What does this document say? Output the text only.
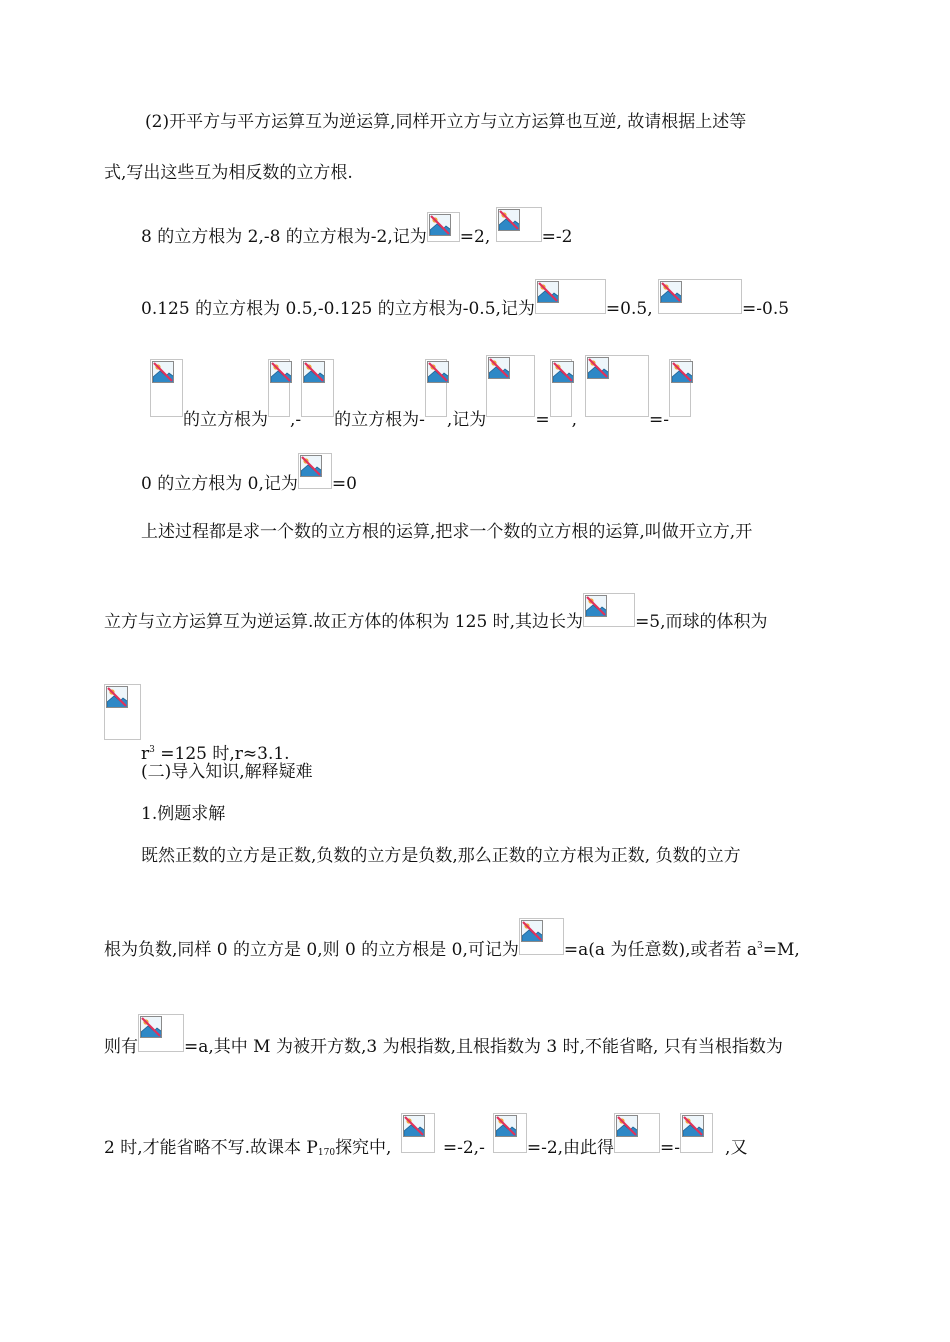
(2)开平方与平方运算互为逆运算,同样开立方与立方运算也互逆, 故请根据上述等
式,写出这些互为相反数的立方根.
8 的立方根为 2,-8 的立方根为-2,记为 =2,	=-2
0.125 的立方根为 0.5,-0.125 的立方根为-0.5,记为	=0.5,	=-0.5
的立方根为 ,- 的立方根为- ,记为	= ,	=-
0 的立方根为 0,记为 =0
上述过程都是求一个数的立方根的运算,把求一个数的立方根的运算,叫做开立方,开
立方与立方运算互为逆运算.故正方体的体积为 125 时,其边长为	=5,而球的体积为
$r^3 =125$ 时,r≈3.1.
(二)导入知识,解释疑难
1.例题求解
既然正数的立方是正数,负数的立方是负数,那么正数的立方根为正数, 负数的立方
根为负数,同样 0 的立方是 0,则 0 的立方根是 0,可记为	=a(a 为任意数),或者若 $a^3=M$,
则有	=a,其中 M 为被开方数,3 为根指数,且根指数为 3 时,不能省略, 只有当根指数为
2 时,才能省略不写.故课本 $P_{170}$探究中,	=-2,- =-2,由此得	=-	,又
